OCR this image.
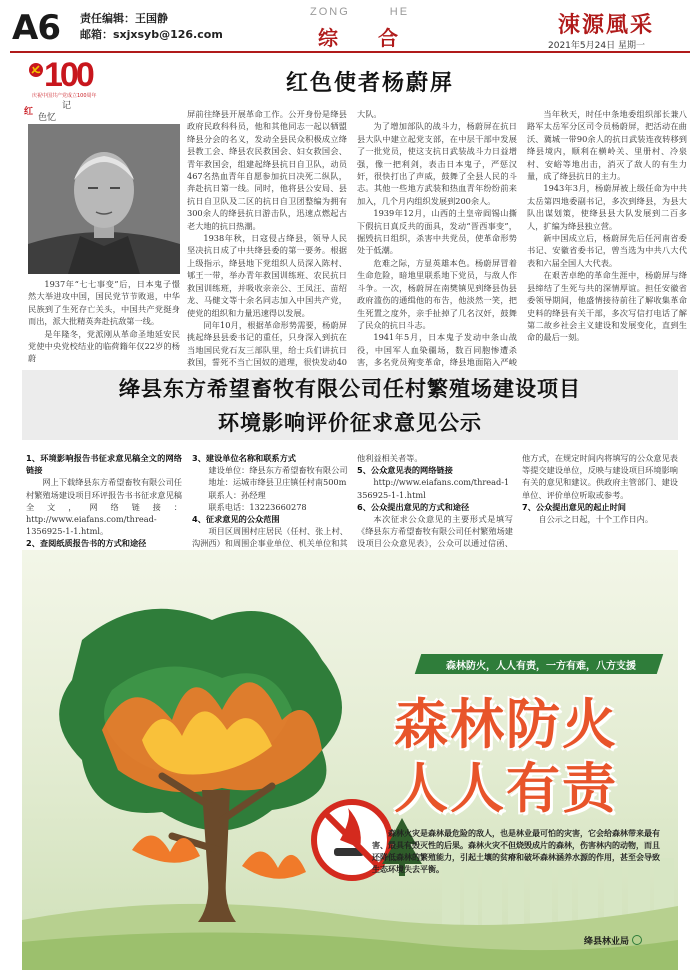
A6 责任编辑：王国静
邮箱：sxjxsyb@126.com
ZONG	HE
综合	涑源風采
2021年5月24日 星期一
100
庆祝中国共产党成立100周年
红
记
色忆
红色使者杨蔚屏

1937年“七七事变”后，日本鬼子憬然大举进攻中国，国民党节节败退，中华民族到了生死存亡关头，中国共产党挺身而出，派大批精英奔赴抗敌第一线。

是年隆冬，党派刚从革命圣地延安民党使中央党校结业的临荷籍年仅22岁的杨蔚

屏前往绛县开展革命工作。公开身份是绛县政府民政科科员，他和其他同志一起以牺盟绛县分会的名义，发动全县民众积极成立绛县教工会、绛县农民救国会、妇女救国会、青年救国会，组建起绛县抗日自卫队，动员467名热血青年自愿参加抗日决死二纵队，奔赴抗日第一线。同时，他将县公安局、县抗日自卫队及二区的抗日自卫团整编为拥有300余人的绛县抗日游击队，迅速点燃起古老大地的抗日热潮。

1938年秋，日寇侵占绛县，领导人民坚决抗日成了中共绛县委的第一要务。根据上级指示，绛县地下党组织人员深入陈村、郇王一带，举办青年救国训练班、农民抗日救国训练班，并吸收亲亲公、王凤汪、苗绍龙、马健文等十余名同志加入中国共产党，使党的组织和力量迅速得以发展。

同年10月，根据革命形势需要，杨蔚屏挑起绛县县委书记的重任，只身深入到抗在当地国民党石友三部队里，给士兵们讲抗日救国，誓死不当亡国奴的道理，很快发动40

大队。

为了增加部队的战斗力，杨蔚屏在抗日县大队中建立起党支部，在中层干部中发展了一批党员，使这支抗日武装战斗力日益增强，像一把利剑，表击日本鬼子，严惩汉奸，很快打出了声威，鼓舞了全县人民的斗志。其他一些地方武装和热血青年纷纷前来加入，几个月内组织发展到200余人。

1939年12月，山西的土皇帝阎锡山撕下假抗日真反共的面具，发动“晋西事变”，掘毁抗日组织，杀害中共党员，使革命形势处于低潮。

危难之际，方显英雄本色。杨蔚屏冒着生命危险，暗地里联系地下党员，与敌人作斗争。一次，杨蔚屏在南樊镇见到绛县伪县政府滥伤的通缉他的布告，他淡然一笑，把生死置之度外，亲手扯掉了几名汉奸，鼓舞了民众的抗日斗志。

1941年5月，日本鬼子发动中条山战役，中国军人血染疆场，数百同胞惨遭杀害，多名党员殉变革命，绛县地面陷入严峻

当年秋天，时任中条地委组织部长兼八路军太岳军分区司令员杨蔚屏，把活动在曲沃、冀城一带90余人的抗日武装连夜转移到绛县境内，顺利在横岭关、里册村、冷泉村、安峪等地出击，消灭了敌人的有生力量，成了绛县抗日的主力。

1943年3月，杨蔚屏被上级任命为中共太岳第四地委副书记，多次到绛县，为县大队出谋划策，使绛县县大队发展到二百多人，扩编为绛县独立营。

新中国成立后，杨蔚屏先后任河南省委书记、安徽省委书记，曾当选为中共八大代表和六届全国人大代表。

在艰苦卓绝的革命生涯中，杨蔚屏与绛县缔结了生死与共的深情厚谊。担任安徽省委领导期间，他盛情接待前往了解收集革命史料的绛县有关干部，多次写信打电话了解第二故乡社会主义建设和发展变化，直到生命的最后一刻。

绛县东方希望畜牧有限公司任村繁殖场建设项目
环境影响评价征求意见公示
1、环境影响报告书征求意见稿全文的网络链接

网上下载绛县东方希望畜牧有限公司任村繁殖场建设项目环评报告书书征求意见稿全文，网络链接：http://www.eiafans.com/thread-1356925-1-1.html。

2、查阅纸质报告书的方式和途径

3、建设单位名称和联系方式

建设单位：绛县东方希望畜牧有限公司

地址：运城市绛县卫庄镇任村南500m

联系人：孙经理

联系电话：13223660278

4、征求意见的公众范围

项目区周围村庄居民（任村、张上村、沟洲西）和周围企事业单位、机关单位和其

他利益相关者等。

5、公众意见表的网络链接

http://www.eiafans.com/thread-1356925-1-1.html

6、公众提出意见的方式和途径

本次征求公众意见的主要形式是填写《绛县东方希望畜牧有限公司任村繁殖场建设项目公众意见表》，公众可以通过信函、

他方式，在规定时间内将填写的公众意见表等提交建设单位，反映与建设项目环境影响有关的意见和建议。供政府主管部门、建设单位、评价单位听取或参考。

7、公众提出意见的起止时间

自公示之日起，十个工作日内。

森林防火，人人有责，一方有难，八方支援
森林防火
人人有责
森林火灾是森林最危险的敌人，也是林业最可怕的灾害，它会给森林带来最有害、最具有毁灭性的后果。森林火灾不但烧毁成片的森林，伤害林内的动物，而且还降低森林的繁殖能力，引起土壤的贫瘠和破坏森林涵养水源的作用，甚至会导致生态环境失去平衡。
绛县林业局
